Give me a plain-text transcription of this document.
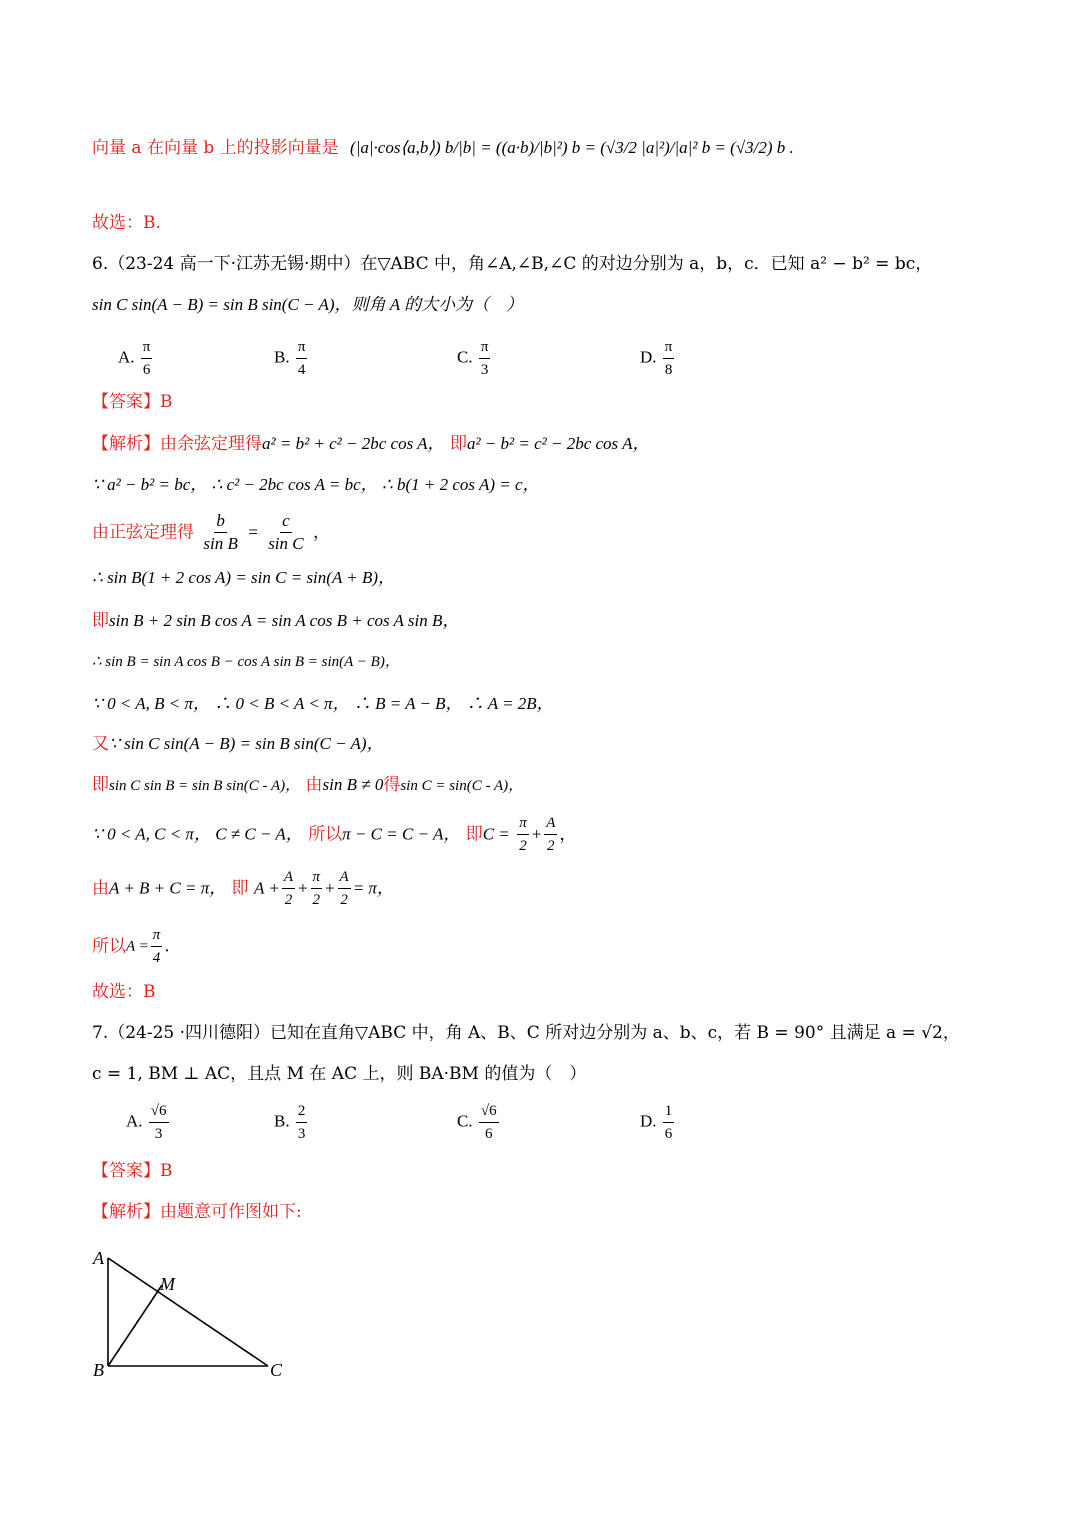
向量 a 在向量 b 上的投影向量是 (|a|·cos⟨a,b⟩) b/|b| = ((a·b)/|b|²) b = (√3/2 |a|²)/|a|² b = (√3/2) b .
故选：B.
6.（23-24 高一下·江苏无锡·期中）在▽ABC 中，角∠A,∠B,∠C 的对边分别为 a，b，c．已知 a² − b² = bc，
sin C sin(A − B) = sin B sin(C − A)，则角 A 的大小为（　）
A. $\frac{\pi}{6}$	B. $\frac{\pi}{4}$	C. $\frac{\pi}{3}$	D. $\frac{\pi}{8}$
【答案】B
【解析】由余弦定理得a² = b² + c² − 2bc cos A， 即a² − b² = c² − 2bc cos A，
∵ a² − b² = bc， ∴ c² − 2bc cos A = bc， ∴ b(1 + 2 cos A) = c，
由正弦定理得 $\frac{b}{\text{sin B}} = \frac{c}{\text{sin C}}$ ，
∴ sin B(1 + 2 cos A) = sin C = sin(A + B)，
即sin B + 2 sin B cos A = sin A cos B + cos A sin B，
∴ sin B = sin A cos B − cos A sin B = sin(A − B)，
∵ 0 < A, B < π， ∴ 0 < B < A < π， ∴ B = A − B， ∴ A = 2B，
又∵ sin C sin(A − B) = sin B sin(C − A)，
即sin C sin B = sin B sin(C - A)， 由sin B ≠ 0得sin C = sin(C - A)，
∵ 0 < A, C < π， C ≠ C − A， 所以π − C = C − A， 即$C = \frac{\pi}{2} + \frac{A}{2}$ ，
由A + B + C = π， 即 $A + \frac{A}{2} + \frac{\pi}{2} + \frac{A}{2} = \pi$，
所以$A = \frac{\pi}{4}$ .
故选：B
7.（24-25 ·四川德阳）已知在直角▽ABC 中，角 A、B、C 所对边分别为 a、b、c，若 B = 90° 且满足 a = √2，
c = 1, BM ⊥ AC，且点 M 在 AC 上，则 BA·BM 的值为（　）
A. $\frac{√6}{3}$	B. $\frac{2}{3}$	C. $\frac{√6}{6}$	D. $\frac{1}{6}$
【答案】B
【解析】由题意可作图如下:
A
B	C
M
